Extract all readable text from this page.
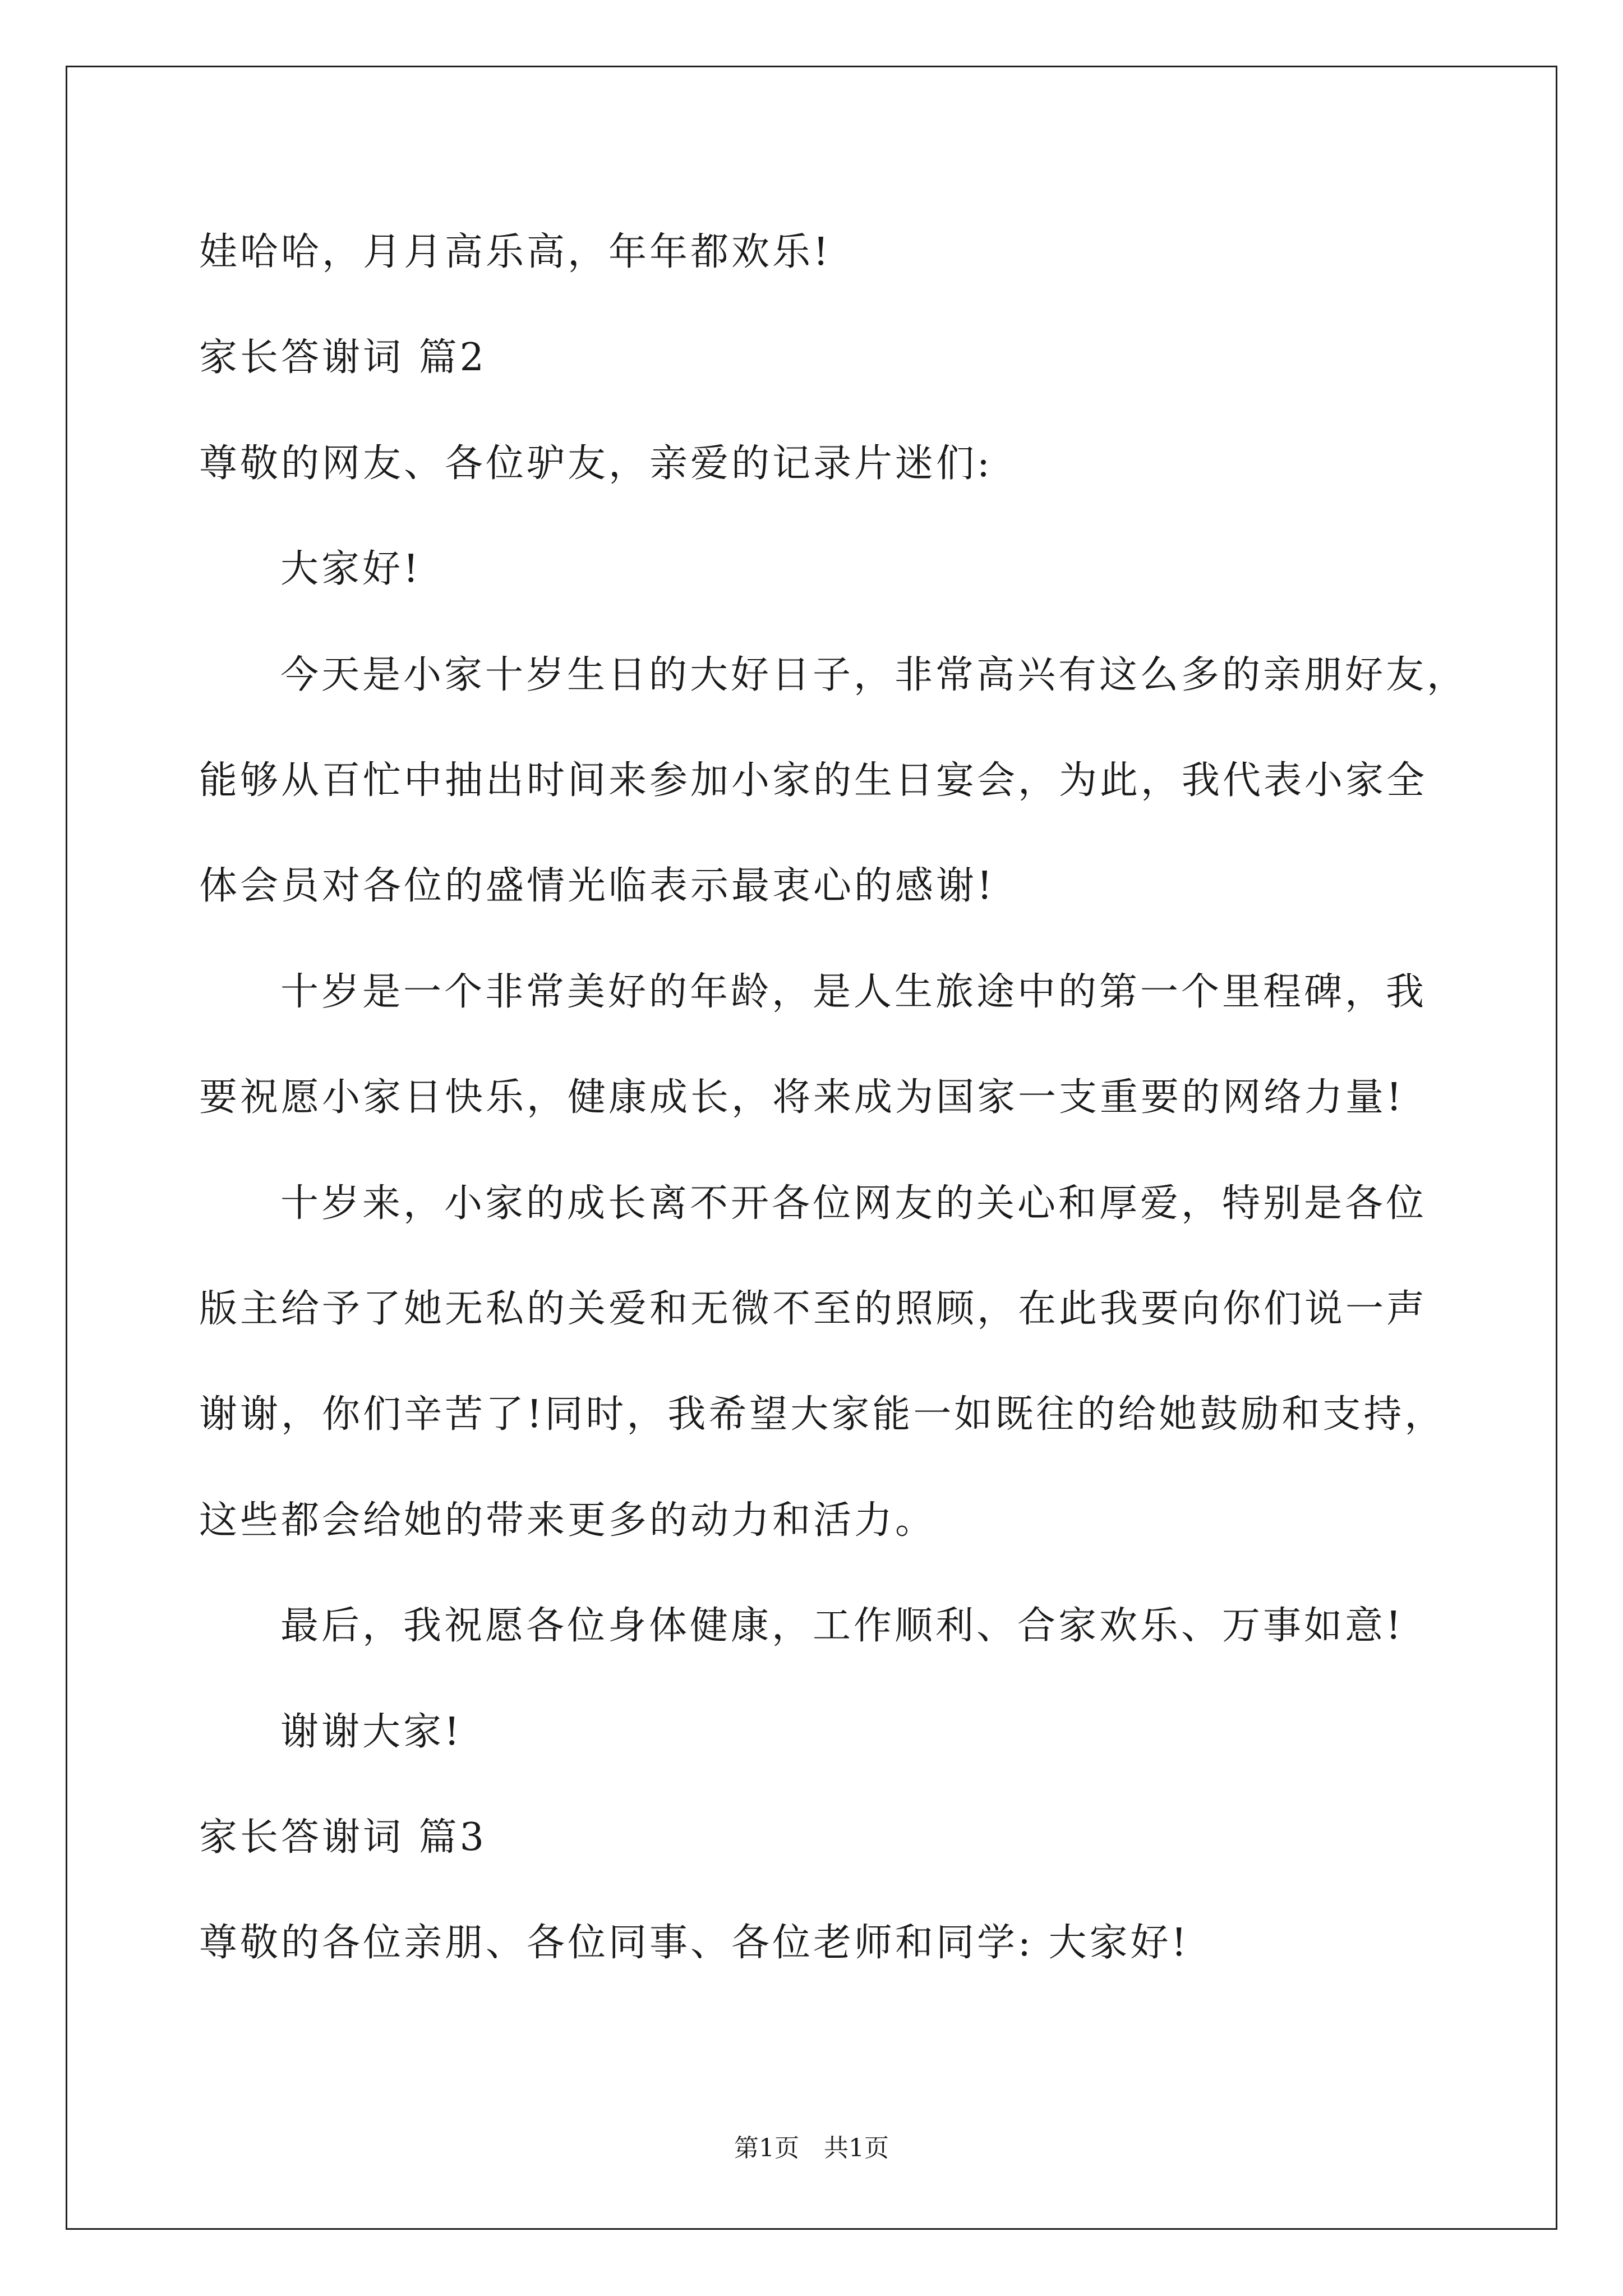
娃哈哈，月月高乐高，年年都欢乐!
家长答谢词 篇2
尊敬的网友、各位驴友，亲爱的记录片迷们:
大家好!
今天是小家十岁生日的大好日子，非常高兴有这么多的亲朋好友，
能够从百忙中抽出时间来参加小家的生日宴会，为此，我代表小家全
体会员对各位的盛情光临表示最衷心的感谢!
十岁是一个非常美好的年龄，是人生旅途中的第一个里程碑，我
要祝愿小家日快乐，健康成长，将来成为国家一支重要的网络力量!
十岁来，小家的成长离不开各位网友的关心和厚爱，特别是各位
版主给予了她无私的关爱和无微不至的照顾，在此我要向你们说一声
谢谢，你们辛苦了!同时，我希望大家能一如既往的给她鼓励和支持，
这些都会给她的带来更多的动力和活力。
最后，我祝愿各位身体健康，工作顺利、合家欢乐、万事如意!
谢谢大家!
家长答谢词 篇3
尊敬的各位亲朋、各位同事、各位老师和同学: 大家好!
第1页　共1页
